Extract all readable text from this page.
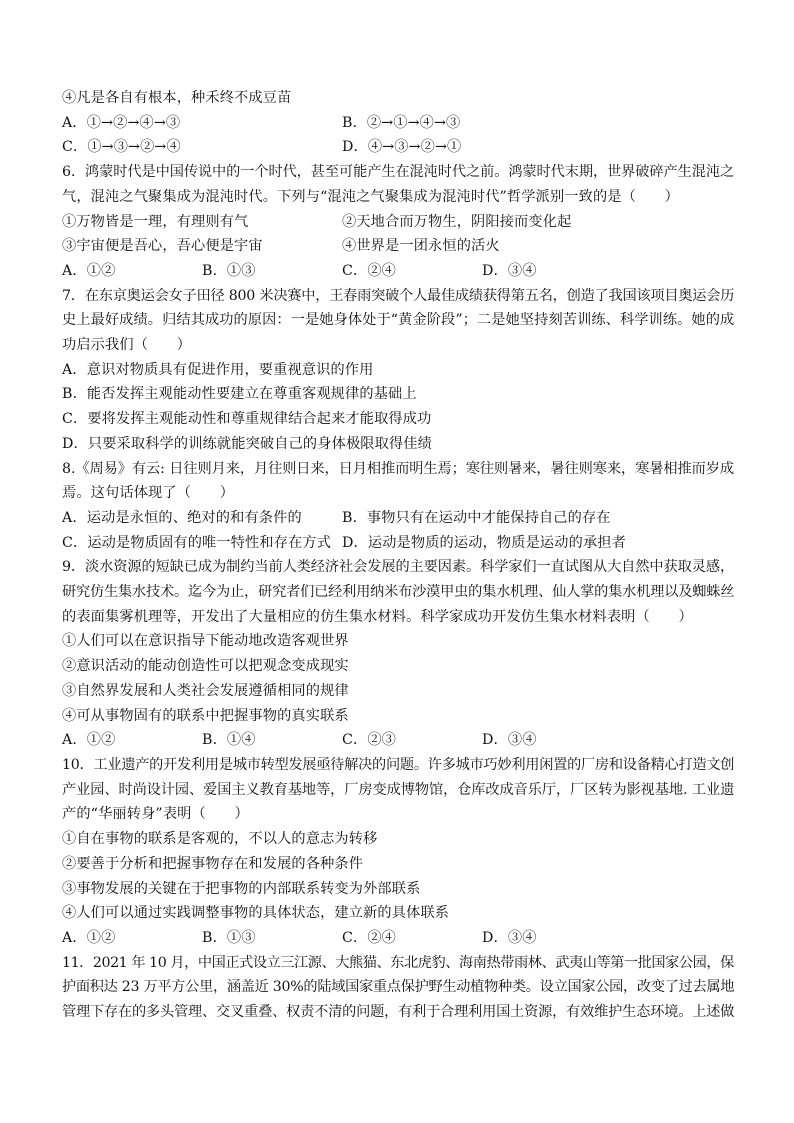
④凡是各自有根本，种禾终不成豆苗
A．①→②→④→③	B．②→①→④→③
C．①→③→②→④	D．④→③→②→①
6．鸿蒙时代是中国传说中的一个时代，甚至可能产生在混沌时代之前。鸿蒙时代末期，世界破碎产生混沌之
气，混沌之气聚集成为混沌时代。下列与“混沌之气聚集成为混沌时代”哲学派别一致的是（　　）
①万物皆是一理，有理则有气	②天地合而万物生，阴阳接而变化起
③宇宙便是吾心，吾心便是宇宙	④世界是一团永恒的活火
A．①②	B．①③	C．②④	D．③④
7．在东京奥运会女子田径 800 米决赛中，王春雨突破个人最佳成绩获得第五名，创造了我国该项目奥运会历
史上最好成绩。归结其成功的原因：一是她身体处于“黄金阶段”；二是她坚持刻苦训练、科学训练。她的成
功启示我们（　　）
A．意识对物质具有促进作用，要重视意识的作用
B．能否发挥主观能动性要建立在尊重客观规律的基础上
C．要将发挥主观能动性和尊重规律结合起来才能取得成功
D．只要采取科学的训练就能突破自己的身体极限取得佳绩
8.《周易》有云: 日往则月来，月往则日来，日月相推而明生焉；寒往则暑来，暑往则寒来，寒暑相推而岁成
焉。这句话体现了（　　）
A．运动是永恒的、绝对的和有条件的	B．事物只有在运动中才能保持自己的存在
C．运动是物质固有的唯一特性和存在方式 D．运动是物质的运动，物质是运动的承担者
9．淡水资源的短缺已成为制约当前人类经济社会发展的主要因素。科学家们一直试图从大自然中获取灵感，
研究仿生集水技术。迄今为止，研究者们已经利用纳米布沙漠甲虫的集水机理、仙人掌的集水机理以及蜘蛛丝
的表面集雾机理等，开发出了大量相应的仿生集水材料。科学家成功开发仿生集水材料表明（　　）
①人们可以在意识指导下能动地改造客观世界
②意识活动的能动创造性可以把观念变成现实
③自然界发展和人类社会发展遵循相同的规律
④可从事物固有的联系中把握事物的真实联系
A．①②	B．①④	C．②③	D．③④
10．工业遗产的开发利用是城市转型发展亟待解决的问题。许多城市巧妙利用闲置的厂房和设备精心打造文创
产业园、时尚设计园、爱国主义教育基地等，厂房变成博物馆，仓库改成音乐厅，厂区转为影视基地. 工业遗
产的“华丽转身”表明（　　）
①自在事物的联系是客观的，不以人的意志为转移
②要善于分析和把握事物存在和发展的各种条件
③事物发展的关键在于把事物的内部联系转变为外部联系
④人们可以通过实践调整事物的具体状态，建立新的具体联系
A．①②	B．①③	C．②④	D．③④
11．2021 年 10 月，中国正式设立三江源、大熊猫、东北虎豹、海南热带雨林、武夷山等第一批国家公园，保
护面积达 23 万平方公里，涵盖近 30%的陆域国家重点保护野生动植物种类。设立国家公园，改变了过去属地
管理下存在的多头管理、交叉重叠、权责不清的问题，有利于合理利用国土资源，有效维护生态环境。上述做
